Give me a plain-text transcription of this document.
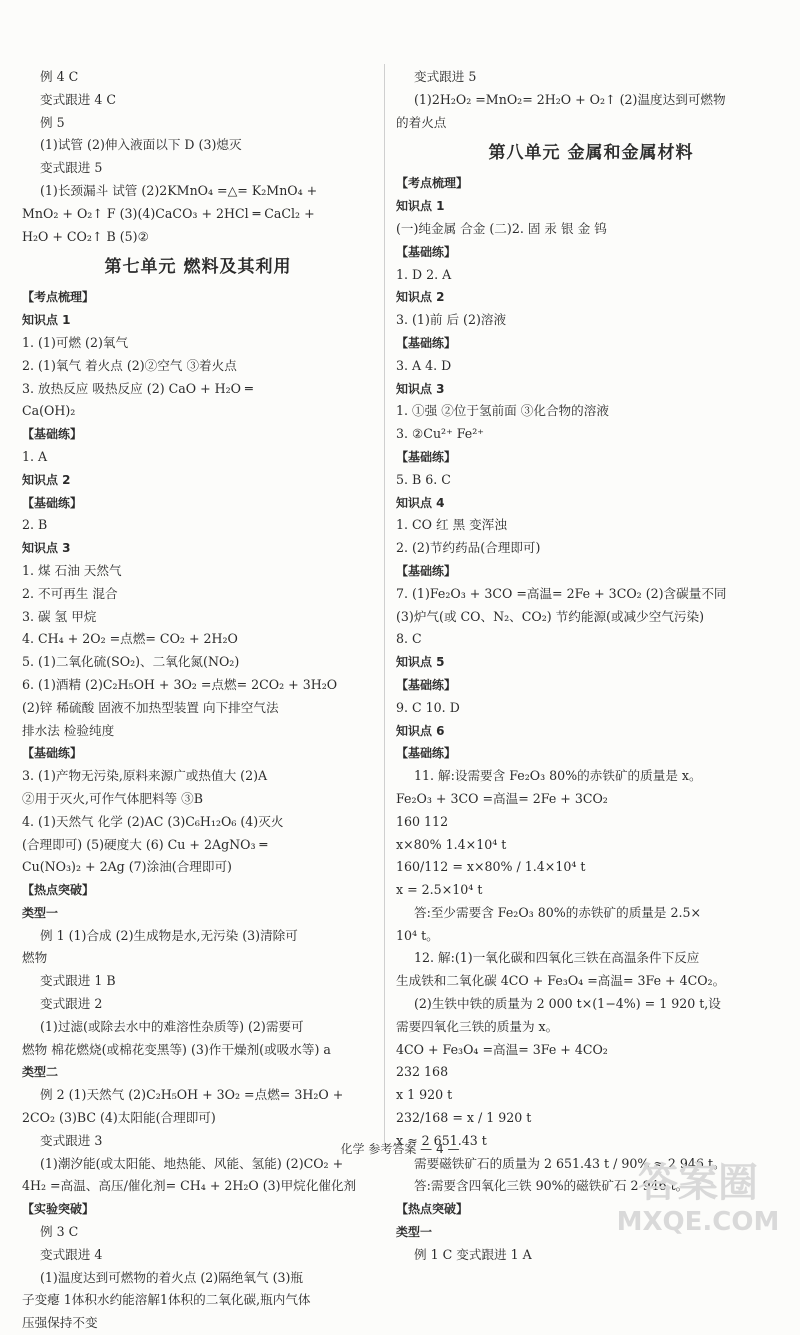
例 4 C
变式跟进 4 C
例 5
(1)试管 (2)伸入液面以下 D (3)熄灭
变式跟进 5
(1)长颈漏斗 试管 (2)2KMnO₄ =△= K₂MnO₄ +
MnO₂ + O₂↑ F (3)(4)CaCO₃ + 2HCl ═ CaCl₂ +
H₂O + CO₂↑ B (5)②
第七单元 燃料及其利用
【考点梳理】
知识点 1
1. (1)可燃 (2)氧气
2. (1)氧气 着火点 (2)②空气 ③着火点
3. 放热反应 吸热反应 (2) CaO + H₂O ═
Ca(OH)₂
【基础练】
1. A
知识点 2
【基础练】
2. B
知识点 3
1. 煤 石油 天然气
2. 不可再生 混合
3. 碳 氢 甲烷
4. CH₄ + 2O₂ =点燃= CO₂ + 2H₂O
5. (1)二氧化硫(SO₂)、二氧化氮(NO₂)
6. (1)酒精 (2)C₂H₅OH + 3O₂ =点燃= 2CO₂ + 3H₂O
(2)锌 稀硫酸 固液不加热型装置 向下排空气法
排水法 检验纯度
【基础练】
3. (1)产物无污染,原料来源广或热值大 (2)A
②用于灭火,可作气体肥料等 ③B
4. (1)天然气 化学 (2)AC (3)C₆H₁₂O₆ (4)灭火
(合理即可) (5)硬度大 (6) Cu + 2AgNO₃ ═
Cu(NO₃)₂ + 2Ag (7)涂油(合理即可)
【热点突破】
类型一
例 1 (1)合成 (2)生成物是水,无污染 (3)清除可
燃物
变式跟进 1 B
变式跟进 2
(1)过滤(或除去水中的难溶性杂质等) (2)需要可
燃物 棉花燃烧(或棉花变黑等) (3)作干燥剂(或吸水等) a
类型二
例 2 (1)天然气 (2)C₂H₅OH + 3O₂ =点燃= 3H₂O +
2CO₂ (3)BC (4)太阳能(合理即可)
变式跟进 3
(1)潮汐能(或太阳能、地热能、风能、氢能) (2)CO₂ +
4H₂ =高温、高压/催化剂= CH₄ + 2H₂O (3)甲烷化催化剂
【实验突破】
例 3 C
变式跟进 4
(1)温度达到可燃物的着火点 (2)隔绝氧气 (3)瓶
子变瘪 1体积水约能溶解1体积的二氧化碳,瓶内气体
压强保持不变
变式跟进 5
(1)2H₂O₂ =MnO₂= 2H₂O + O₂↑ (2)温度达到可燃物
的着火点
第八单元 金属和金属材料
【考点梳理】
知识点 1
(一)纯金属 合金 (二)2. 固 汞 银 金 钨
【基础练】
1. D 2. A
知识点 2
3. (1)前 后 (2)溶液
【基础练】
3. A 4. D
知识点 3
1. ①强 ②位于氢前面 ③化合物的溶液
3. ②Cu²⁺ Fe²⁺
【基础练】
5. B 6. C
知识点 4
1. CO 红 黑 变浑浊
2. (2)节约药品(合理即可)
【基础练】
7. (1)Fe₂O₃ + 3CO =高温= 2Fe + 3CO₂ (2)含碳量不同
(3)炉气(或 CO、N₂、CO₂) 节约能源(或减少空气污染)
8. C
知识点 5
【基础练】
9. C 10. D
知识点 6
【基础练】
11. 解:设需要含 Fe₂O₃ 80%的赤铁矿的质量是 x。
Fe₂O₃ + 3CO =高温= 2Fe + 3CO₂
160 112
x×80% 1.4×10⁴ t
160/112 = x×80% / 1.4×10⁴ t
x = 2.5×10⁴ t
答:至少需要含 Fe₂O₃ 80%的赤铁矿的质量是 2.5×
10⁴ t。
12. 解:(1)一氧化碳和四氧化三铁在高温条件下反应
生成铁和二氧化碳 4CO + Fe₃O₄ =高温= 3Fe + 4CO₂。
(2)生铁中铁的质量为 2 000 t×(1−4%) = 1 920 t,设
需要四氧化三铁的质量为 x。
4CO + Fe₃O₄ =高温= 3Fe + 4CO₂
232 168
x 1 920 t
232/168 = x / 1 920 t
x ≈ 2 651.43 t
需要磁铁矿石的质量为 2 651.43 t / 90% ≈ 2 946 t。
答:需要含四氧化三铁 90%的磁铁矿石 2 946 t。
【热点突破】
类型一
例 1 C 变式跟进 1 A
化学 参考答案 — 4 —
答案圈
MXQE.COM
